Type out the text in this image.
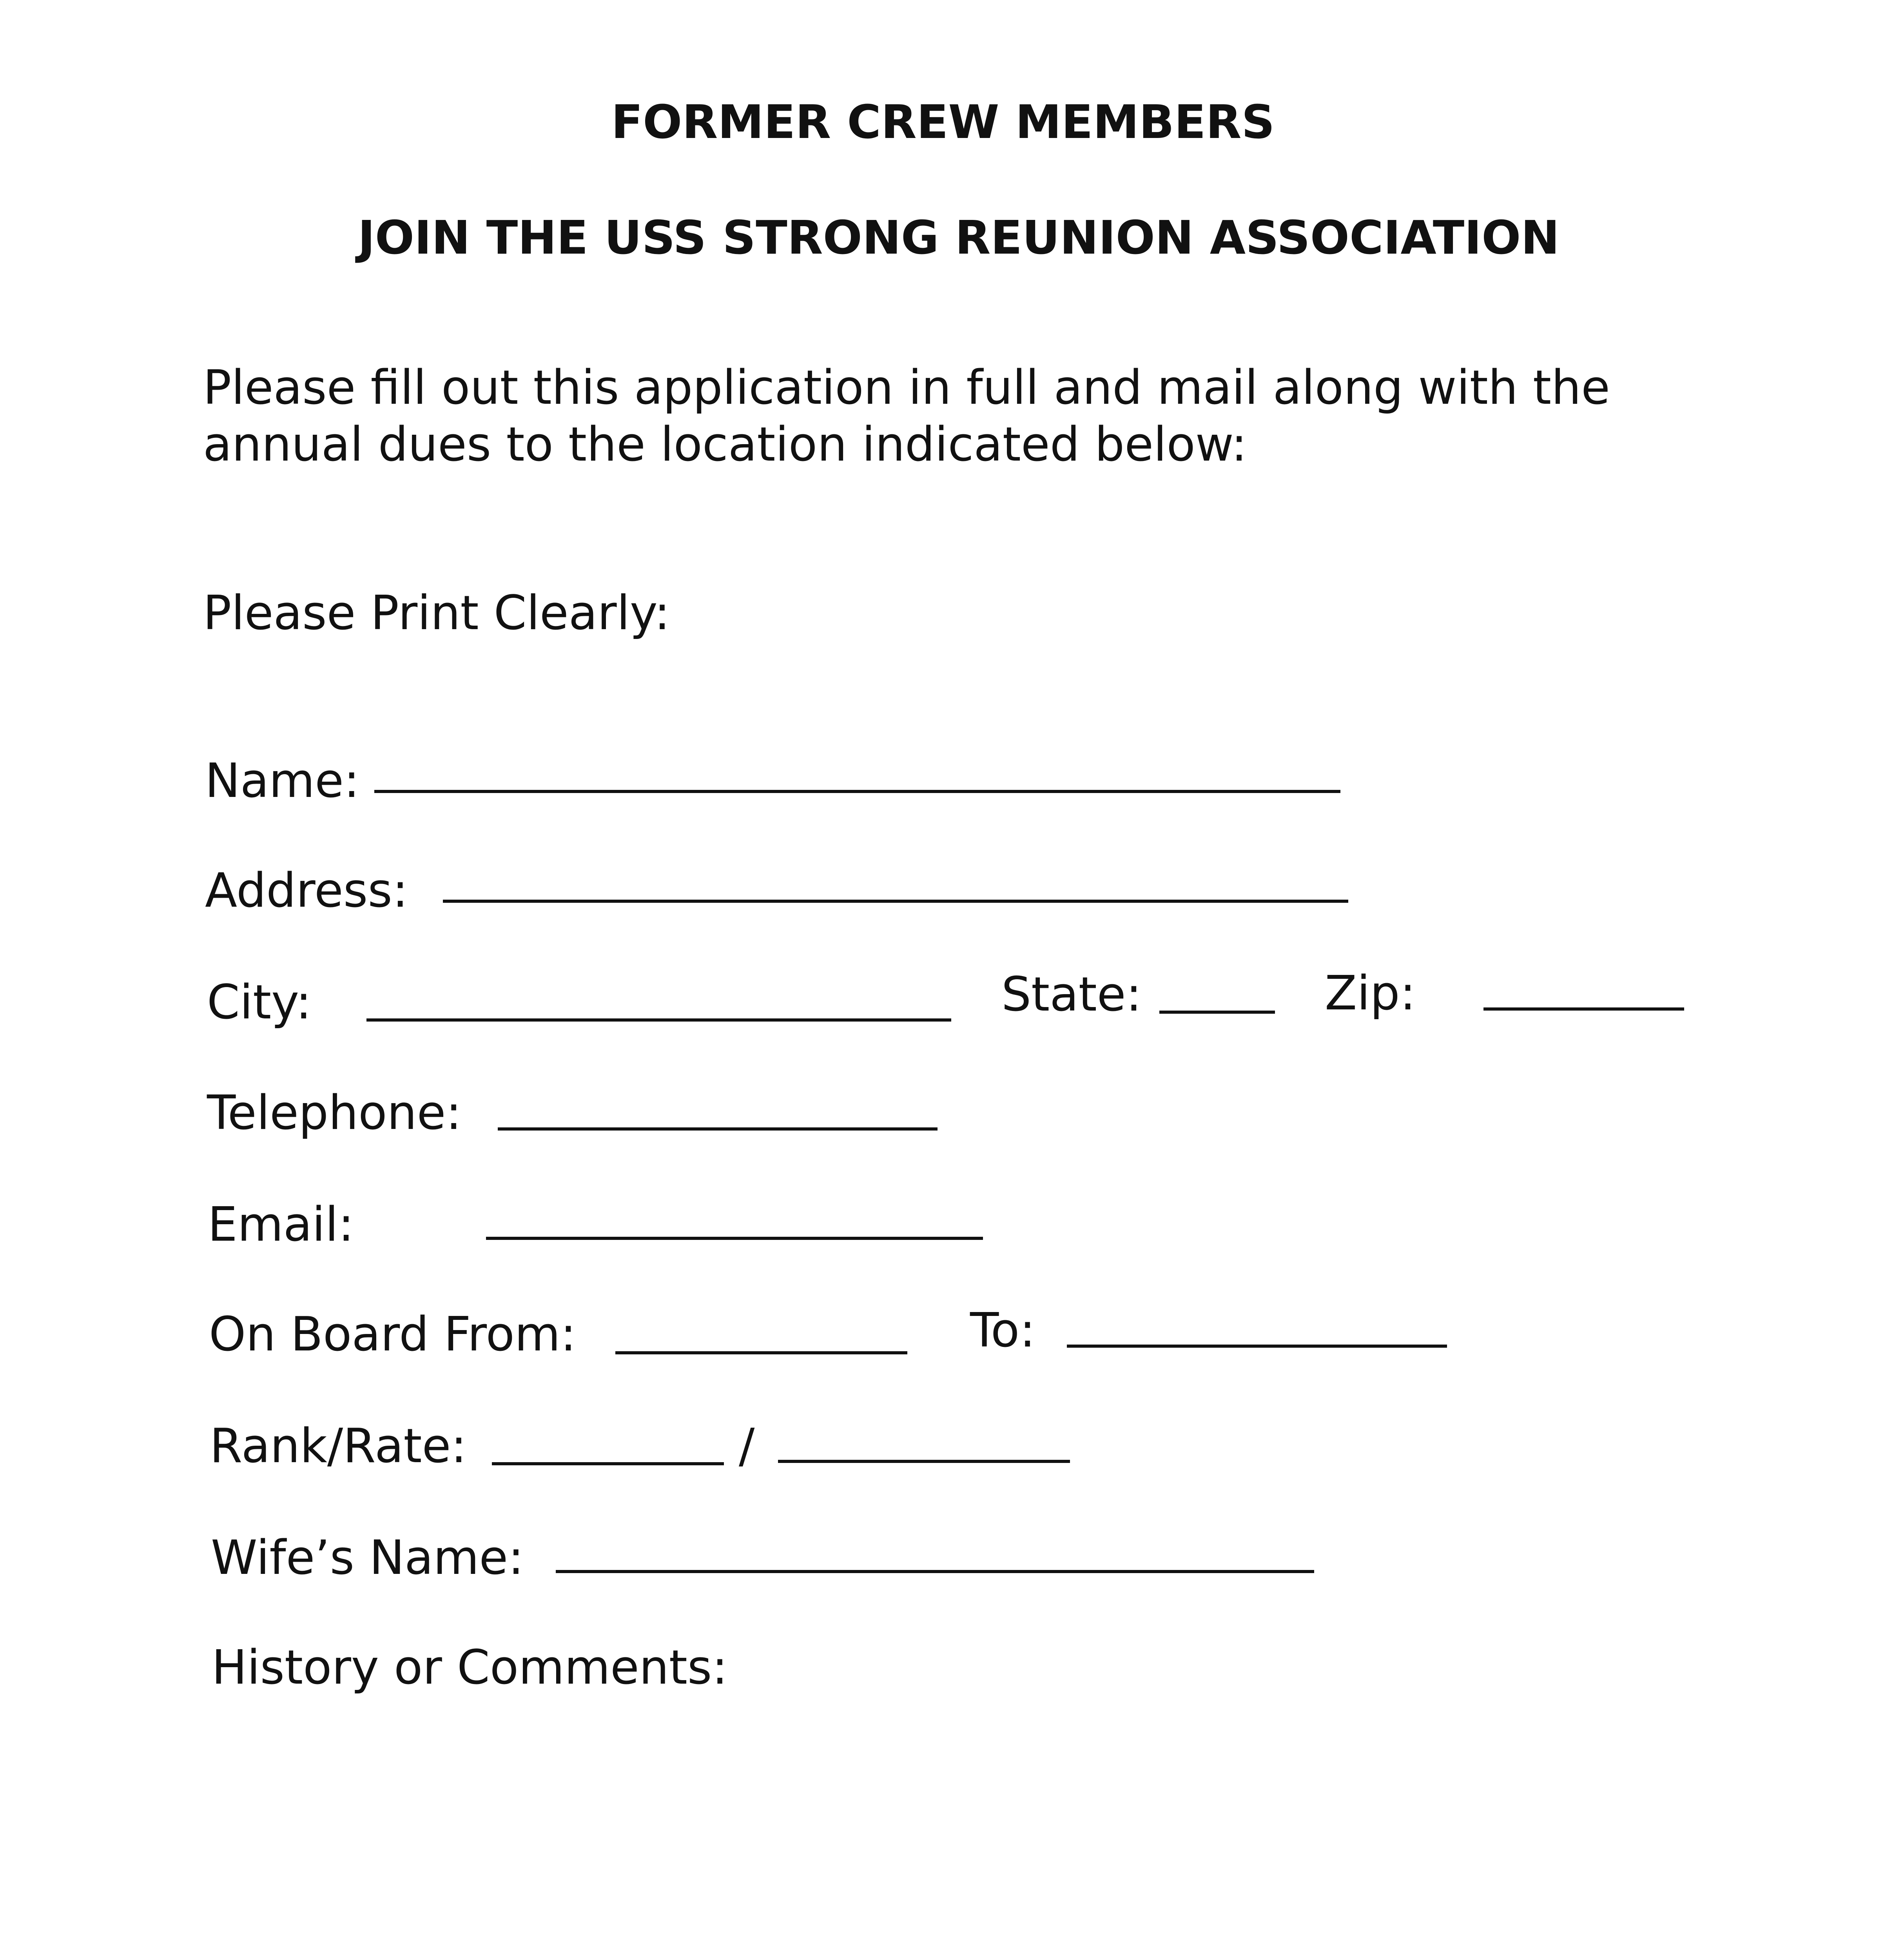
FORMER CREW MEMBERS
JOIN THE USS STRONG REUNION ASSOCIATION
Please fill out this application in full and mail along with the
annual dues to the location indicated below:
Please Print Clearly:
Name:
Address:
City:	State:	Zip:
Telephone:
Email:
On Board From:	To:
Rank/Rate:	/
Wife’s Name:
History or Comments:
